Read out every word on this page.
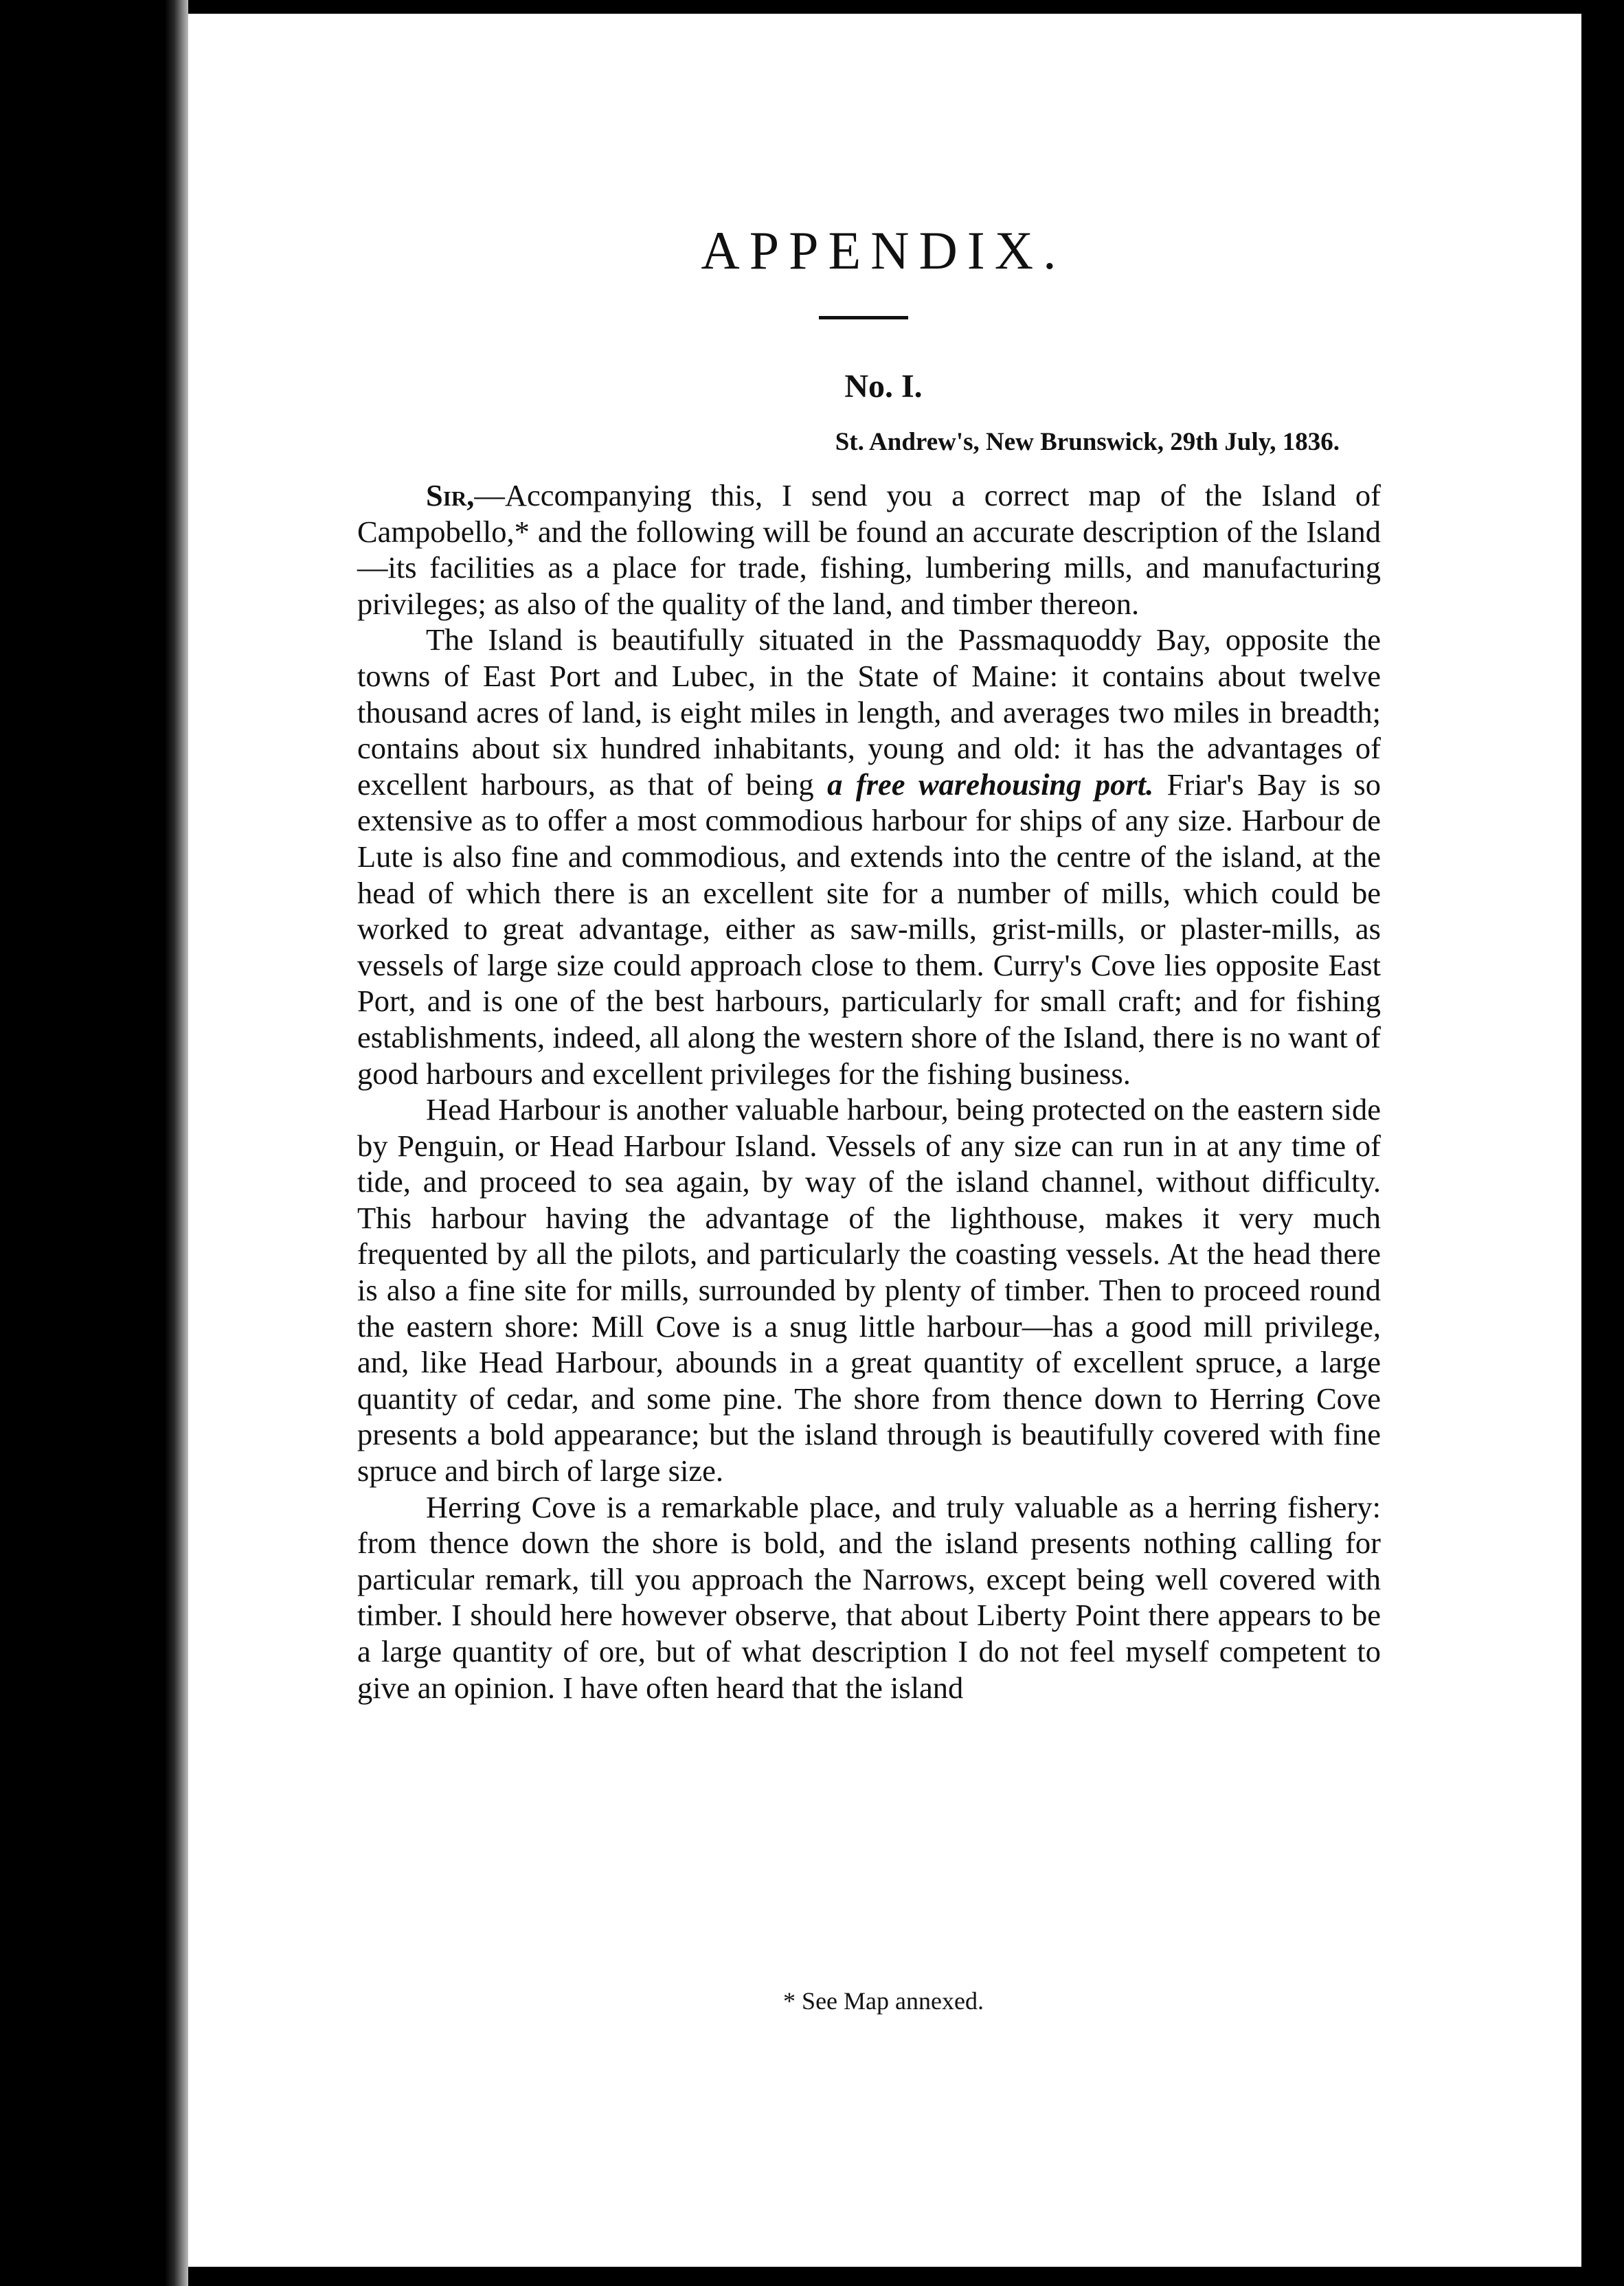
APPENDIX.
No. I.

St. Andrew's, New Brunswick, 29th July, 1836.

Sir,—Accompanying this, I send you a correct map of the Island of Campobello,* and the following will be found an accurate description of the Island—its facilities as a place for trade, fishing, lumbering mills, and manufacturing privileges; as also of the quality of the land, and timber thereon.

The Island is beautifully situated in the Passmaquoddy Bay, opposite the towns of East Port and Lubec, in the State of Maine: it contains about twelve thousand acres of land, is eight miles in length, and averages two miles in breadth; contains about six hundred inhabitants, young and old: it has the advantages of excellent harbours, as that of being a free warehousing port. Friar's Bay is so extensive as to offer a most commodious harbour for ships of any size. Harbour de Lute is also fine and commodious, and extends into the centre of the island, at the head of which there is an excellent site for a number of mills, which could be worked to great advantage, either as saw-mills, grist-mills, or plaster-mills, as vessels of large size could approach close to them. Curry's Cove lies opposite East Port, and is one of the best harbours, particularly for small craft; and for fishing establishments, indeed, all along the western shore of the Island, there is no want of good harbours and excellent privileges for the fishing business.

Head Harbour is another valuable harbour, being protected on the eastern side by Penguin, or Head Harbour Island. Vessels of any size can run in at any time of tide, and proceed to sea again, by way of the island channel, without difficulty. This harbour having the advantage of the lighthouse, makes it very much frequented by all the pilots, and particularly the coasting vessels. At the head there is also a fine site for mills, surrounded by plenty of timber. Then to proceed round the eastern shore: Mill Cove is a snug little harbour—has a good mill privilege, and, like Head Harbour, abounds in a great quantity of excellent spruce, a large quantity of cedar, and some pine. The shore from thence down to Herring Cove presents a bold appearance; but the island through is beautifully covered with fine spruce and birch of large size.

Herring Cove is a remarkable place, and truly valuable as a herring fishery: from thence down the shore is bold, and the island presents nothing calling for particular remark, till you approach the Narrows, except being well covered with timber. I should here however observe, that about Liberty Point there appears to be a large quantity of ore, but of what description I do not feel myself competent to give an opinion. I have often heard that the island

* See Map annexed.
